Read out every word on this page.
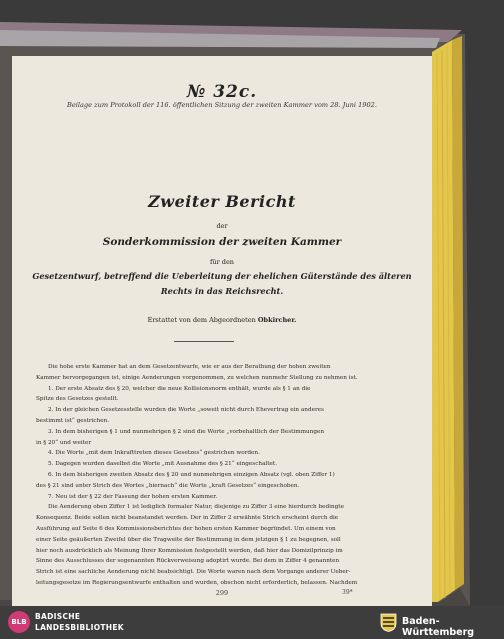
№ 32c.
Beilage zum Protokoll der 116. öffentlichen Sitzung der zweiten Kammer vom 28. Juni 1902.
Zweiter Bericht
der
Sonderkommission der zweiten Kammer
für den
Gesetzentwurf, betreffend die Ueberleitung der ehelichen Güterstände des älteren
Rechts in das Reichsrecht.
Erstattet von dem Abgeordneten Obkircher.
Die hohe erste Kammer hat an dem Gesetzentwurfe, wie er aus der Berathung der hohen zweiten
Kammer hervorgegangen ist, einige Aenderungen vorgenommen, zu welchen nunmehr Stellung zu nehmen ist.
1. Der erste Absatz des § 20, welcher die neue Kollisionsnorm enthält, wurde als § 1 an die
Spitze des Gesetzes gestellt.
2. In der gleichen Gesetzesstelle wurden die Worte „soweit nicht durch Ehevertrag ein anderes
bestimmt ist“ gestrichen.
3. In dem bisherigen § 1 und nunmehrigen § 2 sind die Worte „vorbehaltlich der Bestimmungen
in § 20“ und weiter
4. Die Worte „mit dem Inkrafttreten dieses Gesetzes“ gestrichen worden.
5. Dagegen wurden daselbst die Worte „mit Ausnahme des § 21“ eingeschaltet.
6. In dem bisherigen zweiten Absatz des § 20 und nunmehrigen einzigen Absatz (vgl. oben Ziffer 1)
des § 21 sind unter Strich des Wortes „hiernach“ die Worte „kraft Gesetzes“ eingeschoben.
7. Neu ist der § 22 der Fassung der hohen ersten Kammer.
Die Aenderung oben Ziffer 1 ist lediglich formaler Natur, diejenige zu Ziffer 3 eine hierdurch bedingte
Konsequenz. Beide sollen nicht beanstandet werden. Der in Ziffer 2 erwähnte Strich erscheint durch die
Ausführung auf Seite 6 des Kommissionsberichtes der hohen ersten Kammer begründet. Um einem von
einer Seite geäußerten Zweifel über die Tragweite der Bestimmung in dem jetzigen § 1 zu begegnen, soll
hier noch ausdrücklich als Meinung Ihrer Kommission festgestellt werden, daß hier das Domizilprinzip im
Sinne des Ausschlusses der sogenannten Rückverweisung adoptirt wurde. Bei dem in Ziffer 4 genannten
Strich ist eine sachliche Aenderung nicht beabsichtigt. Die Worte waren nach dem Vorgange anderer Ueber-
leitungsgesetze im Regierungsentwurfe enthalten und wurden, obschon nicht erforderlich, belassen. Nachdem
299	39*
BLB
BADISCHE
LANDESBIBLIOTHEK
Baden-Württemberg
